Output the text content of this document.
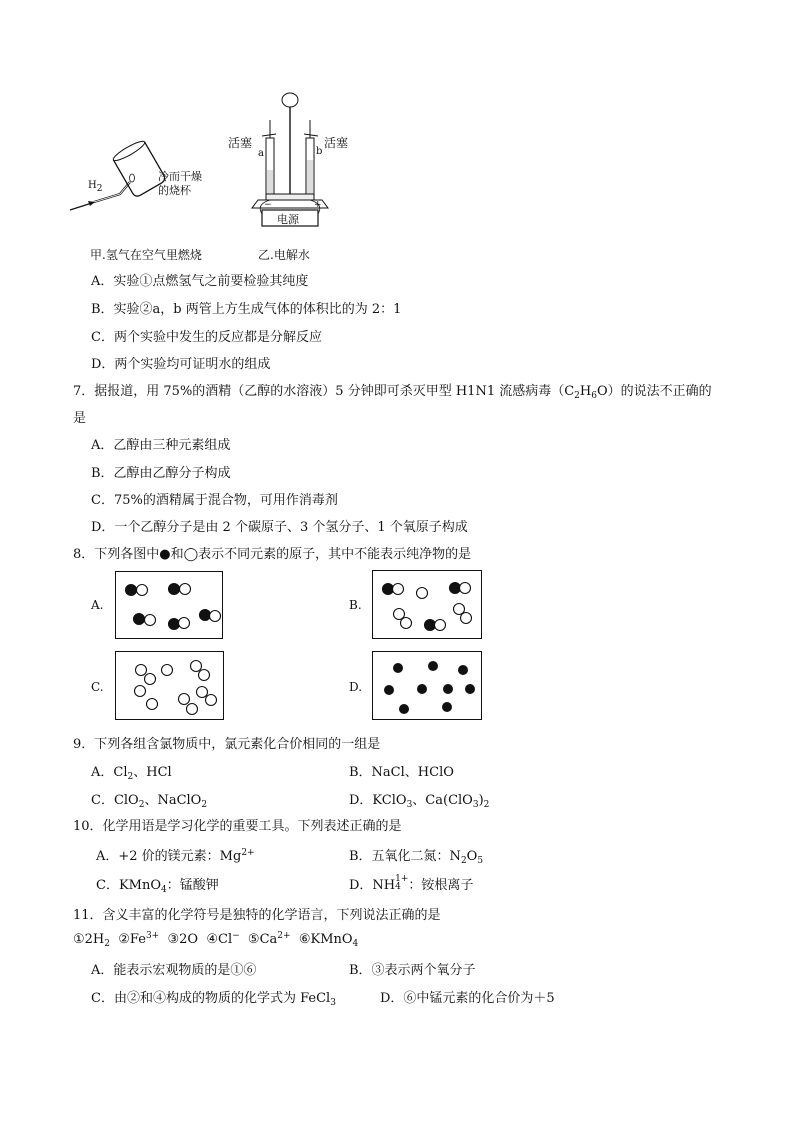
H2
冷而干燥
的烧杯
活塞	活塞
a	b
−	+
电源
甲.氢气在空气里燃烧	乙.电解水
A．实验①点燃氢气之前要检验其纯度
B．实验②a，b 两管上方生成气体的体积比的为 2：1
C．两个实验中发生的反应都是分解反应
D．两个实验均可证明水的组成
7．据报道，用 75%的酒精（乙醇的水溶液）5 分钟即可杀灭甲型 H1N1 流感病毒$(C_2H_6O)$的说法不正确的
是
A．乙醇由三种元素组成
B．乙醇由乙醇分子构成
C．75%的酒精属于混合物，可用作消毒剂
D．一个乙醇分子是由 2 个碳原子、3 个氢分子、1 个氧原子构成
8．下列各图中●和◯表示不同元素的原子，其中不能表示纯净物的是
A.	B.
C.	D.
9．下列各组含氯物质中，氯元素化合价相同的一组是
A．$Cl_2$、HCl	B．NaCl、HClO
C．ClO$_2$、NaClO$_2$	D．KClO$_3$、$Ca(ClO_3)_2$
10．化学用语是学习化学的重要工具。下列表述正确的是
A．+2 价的镁元素：$Mg^{2+}$	B．五氧化二氮：$N_2O_5$
C．KMnO$_4$：锰酸钾	D．NH 1+
4 ：铵根离子
11．含义丰富的化学符号是独特的化学语言，下列说法正确的是
$①2H_2$ $②Fe^{3+}$ ③2O ④Cl− $⑤Ca^{2+}$ ⑥KMnO$_4$
A．能表示宏观物质的是①⑥	B．③表示两个氧分子
C．由②和④构成的物质的化学式为 FeCl$_3$	D．⑥中锰元素的化合价为＋5
